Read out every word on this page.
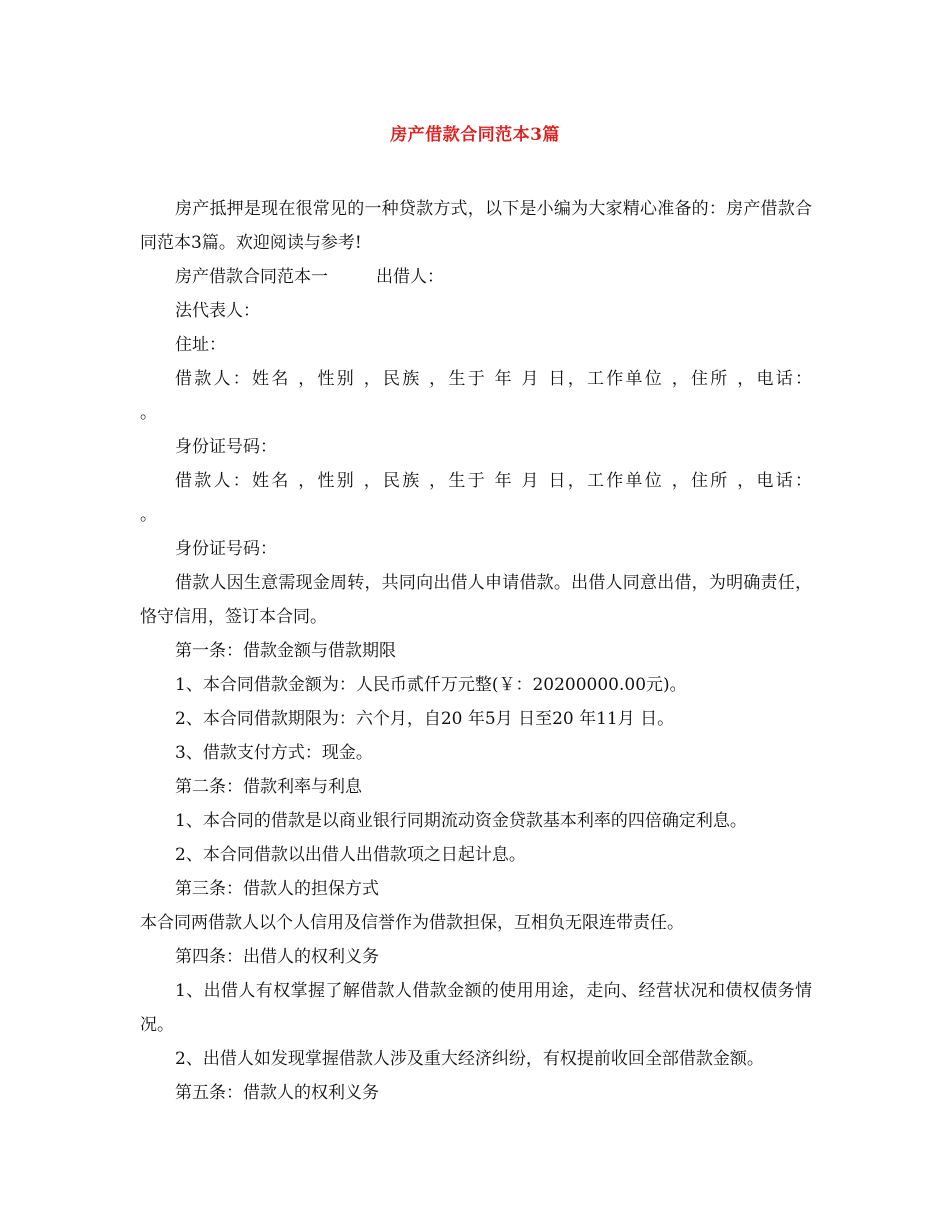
房产借款合同范本3篇

房产抵押是现在很常见的一种贷款方式，以下是小编为大家精心准备的：房产借款合同范本3篇。欢迎阅读与参考!

房产借款合同范本一	出借人：

法代表人：

住址：

借款人：姓名 ，性别 ，民族 ，生于 年 月 日，工作单位 ，住所 ，电话：

。

身份证号码：

借款人：姓名 ，性别 ，民族 ，生于 年 月 日，工作单位 ，住所 ，电话：

。

身份证号码：

借款人因生意需现金周转，共同向出借人申请借款。出借人同意出借，为明确责任，恪守信用，签订本合同。

第一条：借款金额与借款期限

1、本合同借款金额为：人民币贰仟万元整(￥：20200000.00元)。

2、本合同借款期限为：六个月，自20 年5月 日至20 年11月 日。

3、借款支付方式：现金。

第二条：借款利率与利息

1、本合同的借款是以商业银行同期流动资金贷款基本利率的四倍确定利息。

2、本合同借款以出借人出借款项之日起计息。

第三条：借款人的担保方式

本合同两借款人以个人信用及信誉作为借款担保，互相负无限连带责任。

第四条：出借人的权利义务

1、出借人有权掌握了解借款人借款金额的使用用途，走向、经营状况和债权债务情况。

2、出借人如发现掌握借款人涉及重大经济纠纷，有权提前收回全部借款金额。

第五条：借款人的权利义务
